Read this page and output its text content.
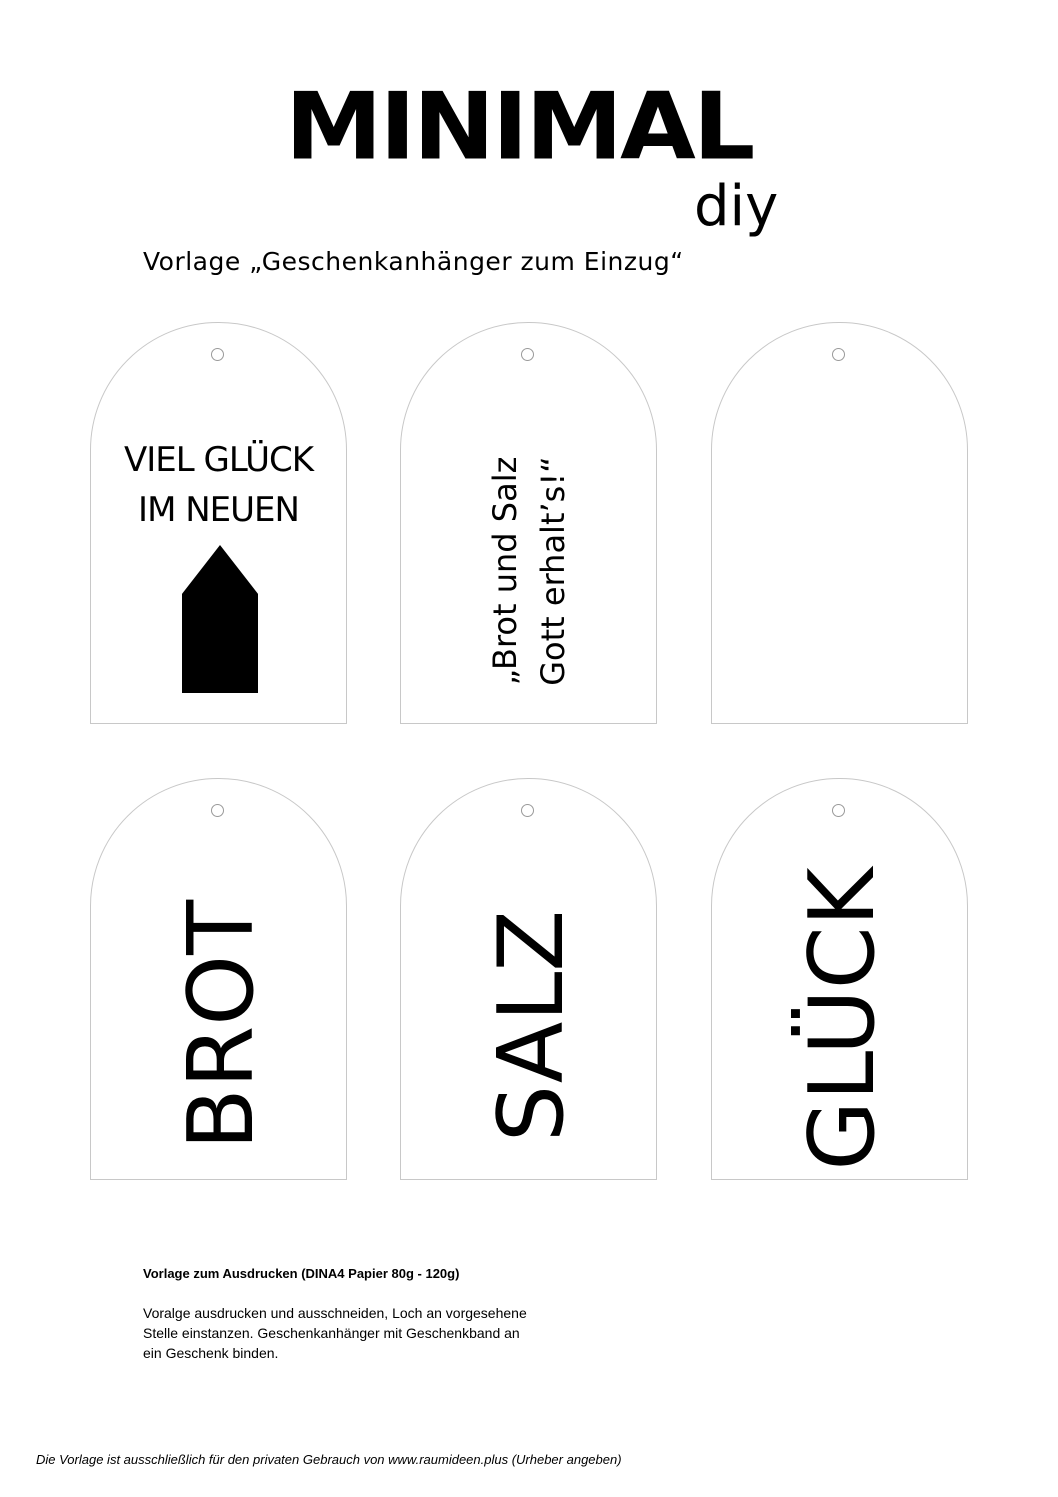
MINIMAL
diy
Vorlage „Geschenkanhänger zum Einzug“
VIEL GLÜCK
IM NEUEN	„Brot und Salz Gott erhalt’s!“
BROT SALZ GLÜCK
Vorlage zum Ausdrucken (DINA4 Papier 80g - 120g)
Voralge ausdrucken und ausschneiden, Loch an vorgesehene
Stelle einstanzen. Geschenkanhänger mit Geschenkband an
ein Geschenk binden.
Die Vorlage ist ausschließlich für den privaten Gebrauch von www.raumideen.plus (Urheber angeben)
